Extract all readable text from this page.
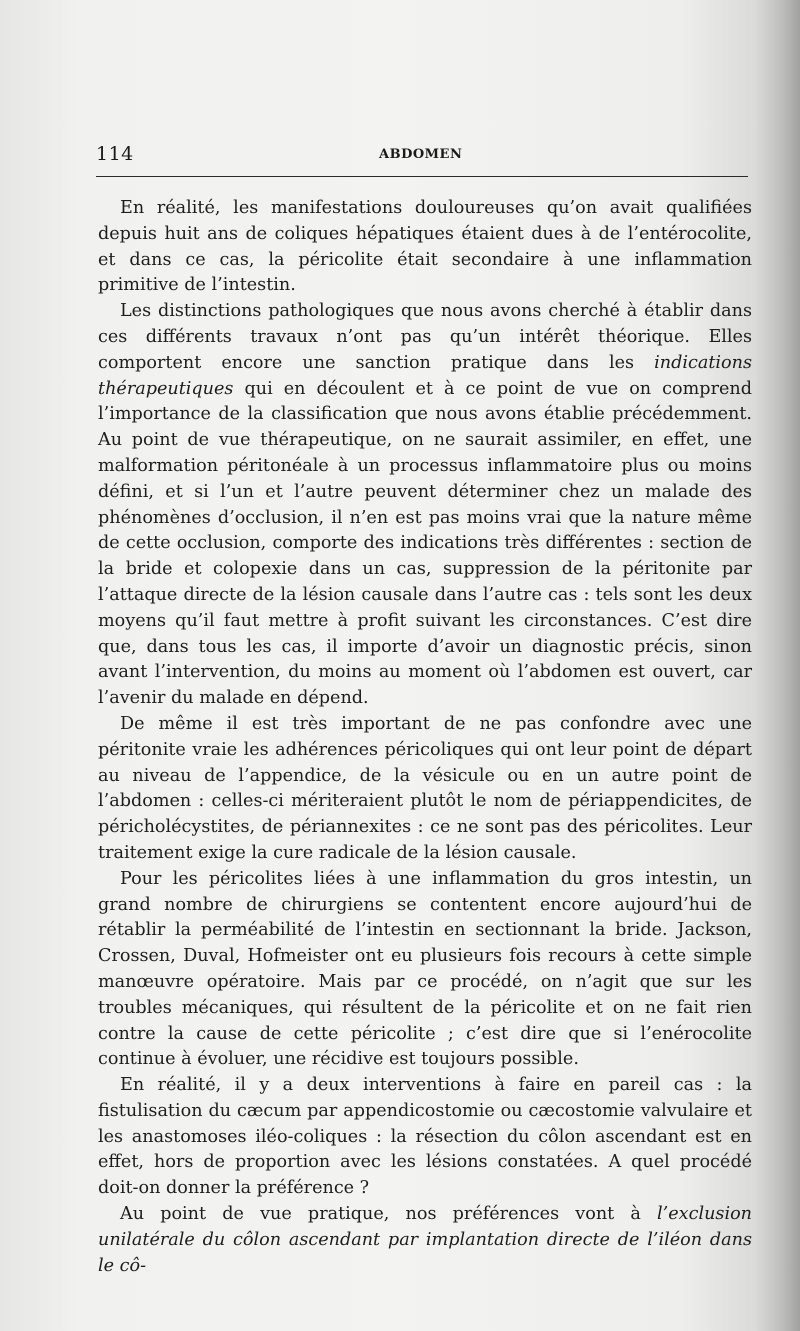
114	ABDOMEN

En réalité, les manifestations douloureuses qu’on avait qualifiées depuis huit ans de coliques hépatiques étaient dues à de l’entérocolite, et dans ce cas, la péricolite était secondaire à une inflammation primitive de l’intestin.

Les distinctions pathologiques que nous avons cherché à établir dans ces différents travaux n’ont pas qu’un intérêt théorique. Elles comportent encore une sanction pratique dans les indications thérapeutiques qui en découlent et à ce point de vue on comprend l’importance de la classification que nous avons établie précédemment. Au point de vue thérapeutique, on ne saurait assimiler, en effet, une malformation péritonéale à un processus inflammatoire plus ou moins défini, et si l’un et l’autre peuvent déterminer chez un malade des phénomènes d’occlusion, il n’en est pas moins vrai que la nature même de cette occlusion, comporte des indications très différentes : section de la bride et colopexie dans un cas, suppression de la péritonite par l’attaque directe de la lésion causale dans l’autre cas : tels sont les deux moyens qu’il faut mettre à profit suivant les circonstances. C’est dire que, dans tous les cas, il importe d’avoir un diagnostic précis, sinon avant l’intervention, du moins au moment où l’abdomen est ouvert, car l’avenir du malade en dépend.

De même il est très important de ne pas confondre avec une péritonite vraie les adhérences péricoliques qui ont leur point de départ au niveau de l’appendice, de la vésicule ou en un autre point de l’abdomen : celles-ci mériteraient plutôt le nom de périappendicites, de péricholécystites, de périannexites : ce ne sont pas des péricolites. Leur traitement exige la cure radicale de la lésion causale.

Pour les péricolites liées à une inflammation du gros intestin, un grand nombre de chirurgiens se contentent encore aujourd’hui de rétablir la perméabilité de l’intestin en sectionnant la bride. Jackson, Crossen, Duval, Hofmeister ont eu plusieurs fois recours à cette simple manœuvre opératoire. Mais par ce procédé, on n’agit que sur les troubles mécaniques, qui résultent de la péricolite et on ne fait rien contre la cause de cette péricolite ; c’est dire que si l’enérocolite continue à évoluer, une récidive est toujours possible.

En réalité, il y a deux interventions à faire en pareil cas : la fistulisation du cæcum par appendicostomie ou cæcostomie valvulaire et les anastomoses iléo-coliques : la résection du côlon ascendant est en effet, hors de proportion avec les lésions constatées. A quel procédé doit-on donner la préférence ?

Au point de vue pratique, nos préférences vont à l’exclusion unilatérale du côlon ascendant par implantation directe de l’iléon dans le cô-
